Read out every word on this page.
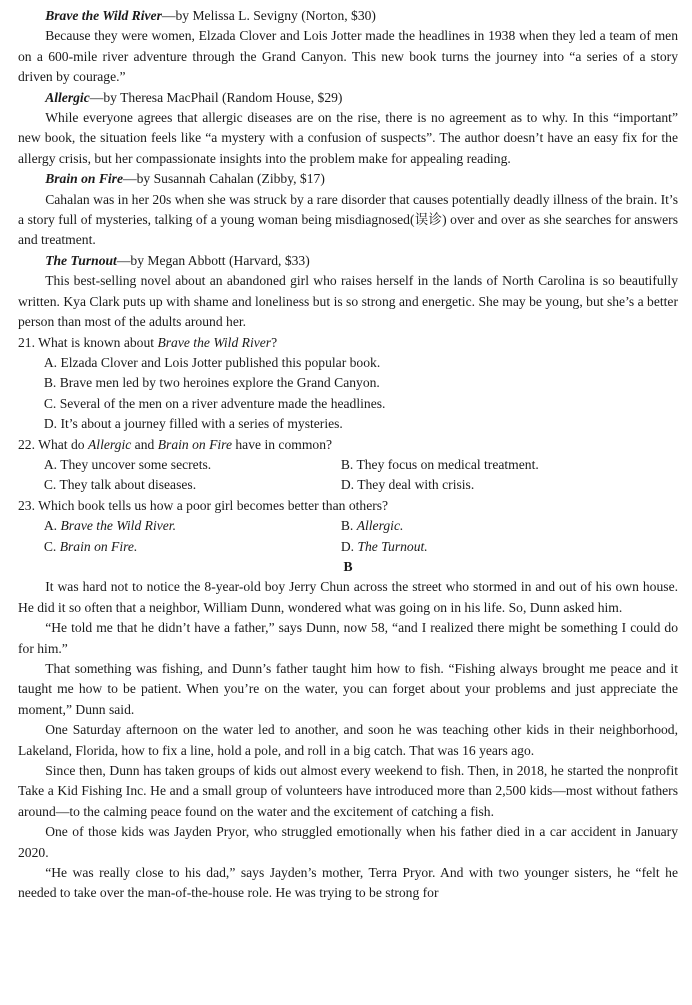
Brave the Wild River—by Melissa L. Sevigny (Norton, $30)

Because they were women, Elzada Clover and Lois Jotter made the headlines in 1938 when they led a team of men on a 600-mile river adventure through the Grand Canyon. This new book turns the journey into “a series of a story driven by courage.”

Allergic—by Theresa MacPhail (Random House, $29)

While everyone agrees that allergic diseases are on the rise, there is no agreement as to why. In this “important” new book, the situation feels like “a mystery with a confusion of suspects”. The author doesn’t have an easy fix for the allergy crisis, but her compassionate insights into the problem make for appealing reading.

Brain on Fire—by Susannah Cahalan (Zibby, $17)

Cahalan was in her 20s when she was struck by a rare disorder that causes potentially deadly illness of the brain. It’s a story full of mysteries, talking of a young woman being misdiagnosed(误诊) over and over as she searches for answers and treatment.

The Turnout—by Megan Abbott (Harvard, $33)

This best-selling novel about an abandoned girl who raises herself in the lands of North Carolina is so beautifully written. Kya Clark puts up with shame and loneliness but is so strong and energetic. She may be young, but she’s a better person than most of the adults around her.

21. What is known about Brave the Wild River?

A. Elzada Clover and Lois Jotter published this popular book.

B. Brave men led by two heroines explore the Grand Canyon.

C. Several of the men on a river adventure made the headlines.

D. It’s about a journey filled with a series of mysteries.

22. What do Allergic and Brain on Fire have in common?

A. They uncover some secrets.	B. They focus on medical treatment.
C. They talk about diseases.	D. They deal with crisis.

23. Which book tells us how a poor girl becomes better than others?

A. Brave the Wild River.	B. Allergic.
C. Brain on Fire.	D. The Turnout.

B

It was hard not to notice the 8-year-old boy Jerry Chun across the street who stormed in and out of his own house. He did it so often that a neighbor, William Dunn, wondered what was going on in his life. So, Dunn asked him.

“He told me that he didn’t have a father,” says Dunn, now 58, “and I realized there might be something I could do for him.”

That something was fishing, and Dunn’s father taught him how to fish. “Fishing always brought me peace and it taught me how to be patient. When you’re on the water, you can forget about your problems and just appreciate the moment,” Dunn said.

One Saturday afternoon on the water led to another, and soon he was teaching other kids in their neighborhood, Lakeland, Florida, how to fix a line, hold a pole, and roll in a big catch. That was 16 years ago.

Since then, Dunn has taken groups of kids out almost every weekend to fish. Then, in 2018, he started the nonprofit Take a Kid Fishing Inc. He and a small group of volunteers have introduced more than 2,500 kids—most without fathers around—to the calming peace found on the water and the excitement of catching a fish.

One of those kids was Jayden Pryor, who struggled emotionally when his father died in a car accident in January 2020.

“He was really close to his dad,” says Jayden’s mother, Terra Pryor. And with two younger sisters, he “felt he needed to take over the man-of-the-house role. He was trying to be strong for
